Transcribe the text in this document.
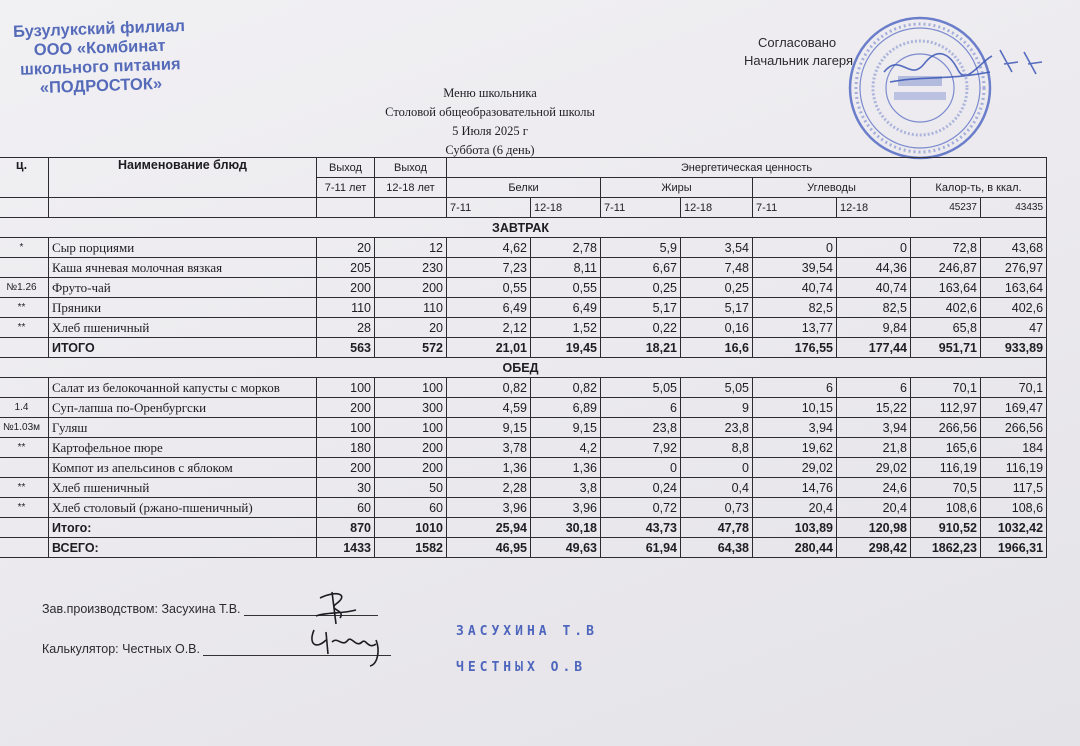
Бузулукский филиал
ООО «Комбинат
школьного питания
«ПОДРОСТОК»
Согласовано
Начальник лагеря
Меню школьника
Столовой общеобразовательной школы
5 Июля 2025 г
Суббота (6 день)
ц.	Наименование блюд	Выход	Выход	Энергетическая ценность							
		7-11 лет	12-18 лет	Белки		Жиры		Углеводы		Калор-ть, в ккал.	
				7-11	12-18	7-11	12-18	7-11	12-18	45237	43435
ЗАВТРАК											
*	Сыр порциями	20	12	4,62	2,78	5,9	3,54	0	0	72,8	43,68
	Каша ячневая молочная вязкая	205	230	7,23	8,11	6,67	7,48	39,54	44,36	246,87	276,97
№1.26	Фруто-чай	200	200	0,55	0,55	0,25	0,25	40,74	40,74	163,64	163,64
**	Пряники	110	110	6,49	6,49	5,17	5,17	82,5	82,5	402,6	402,6
**	Хлеб пшеничный	28	20	2,12	1,52	0,22	0,16	13,77	9,84	65,8	47
	ИТОГО	563	572	21,01	19,45	18,21	16,6	176,55	177,44	951,71	933,89
ОБЕД											
	Салат из белокочанной капусты с морков	100	100	0,82	0,82	5,05	5,05	6	6	70,1	70,1
1.4	Суп-лапша по-Оренбургски	200	300	4,59	6,89	6	9	10,15	15,22	112,97	169,47
№1.03м	Гуляш	100	100	9,15	9,15	23,8	23,8	3,94	3,94	266,56	266,56
**	Картофельное пюре	180	200	3,78	4,2	7,92	8,8	19,62	21,8	165,6	184
	Компот из апельсинов с яблоком	200	200	1,36	1,36	0	0	29,02	29,02	116,19	116,19
**	Хлеб пшеничный	30	50	2,28	3,8	0,24	0,4	14,76	24,6	70,5	117,5
**	Хлеб столовый (ржано-пшеничный)	60	60	3,96	3,96	0,72	0,73	20,4	20,4	108,6	108,6
	Итого:	870	1010	25,94	30,18	43,73	47,78	103,89	120,98	910,52	1032,42
	ВСЕГО:	1433	1582	46,95	49,63	61,94	64,38	280,44	298,42	1862,23	1966,31
Зав.производством: Засухина Т.В.
Калькулятор: Честных О.В.
ЗАСУХИНА Т.В
ЧЕСТНЫХ О.В
